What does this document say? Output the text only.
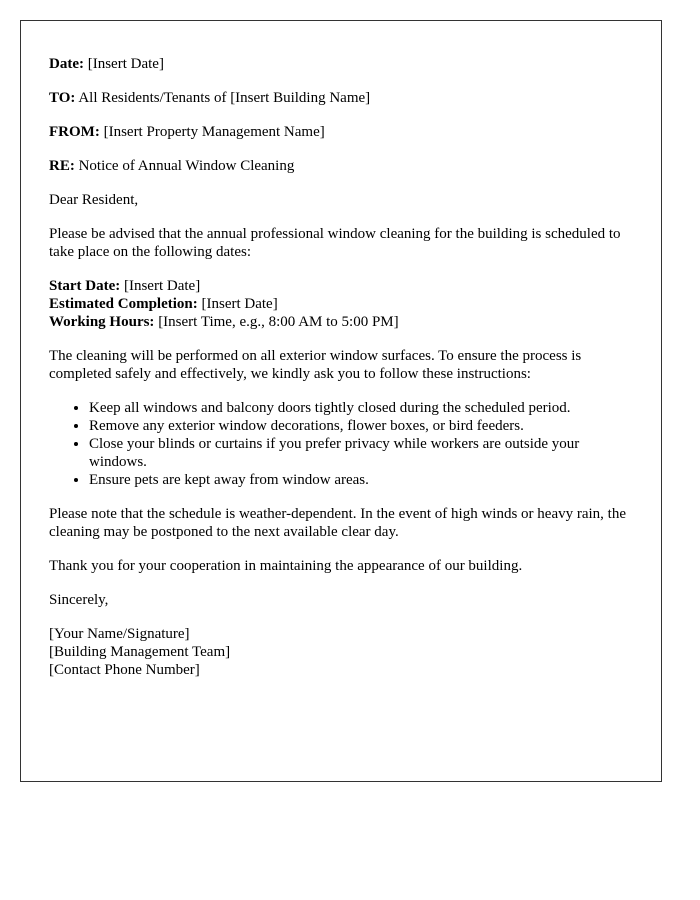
Date: [Insert Date]

TO: All Residents/Tenants of [Insert Building Name]

FROM: [Insert Property Management Name]

RE: Notice of Annual Window Cleaning

Dear Resident,

Please be advised that the annual professional window cleaning for the building is scheduled to take place on the following dates:

Start Date: [Insert Date]
Estimated Completion: [Insert Date]
Working Hours: [Insert Time, e.g., 8:00 AM to 5:00 PM]

The cleaning will be performed on all exterior window surfaces. To ensure the process is completed safely and effectively, we kindly ask you to follow these instructions:

• Keep all windows and balcony doors tightly closed during the scheduled period.
• Remove any exterior window decorations, flower boxes, or bird feeders.
• Close your blinds or curtains if you prefer privacy while workers are outside your windows.
• Ensure pets are kept away from window areas.

Please note that the schedule is weather-dependent. In the event of high winds or heavy rain, the cleaning may be postponed to the next available clear day.

Thank you for your cooperation in maintaining the appearance of our building.

Sincerely,

[Your Name/Signature]
[Building Management Team]
[Contact Phone Number]
